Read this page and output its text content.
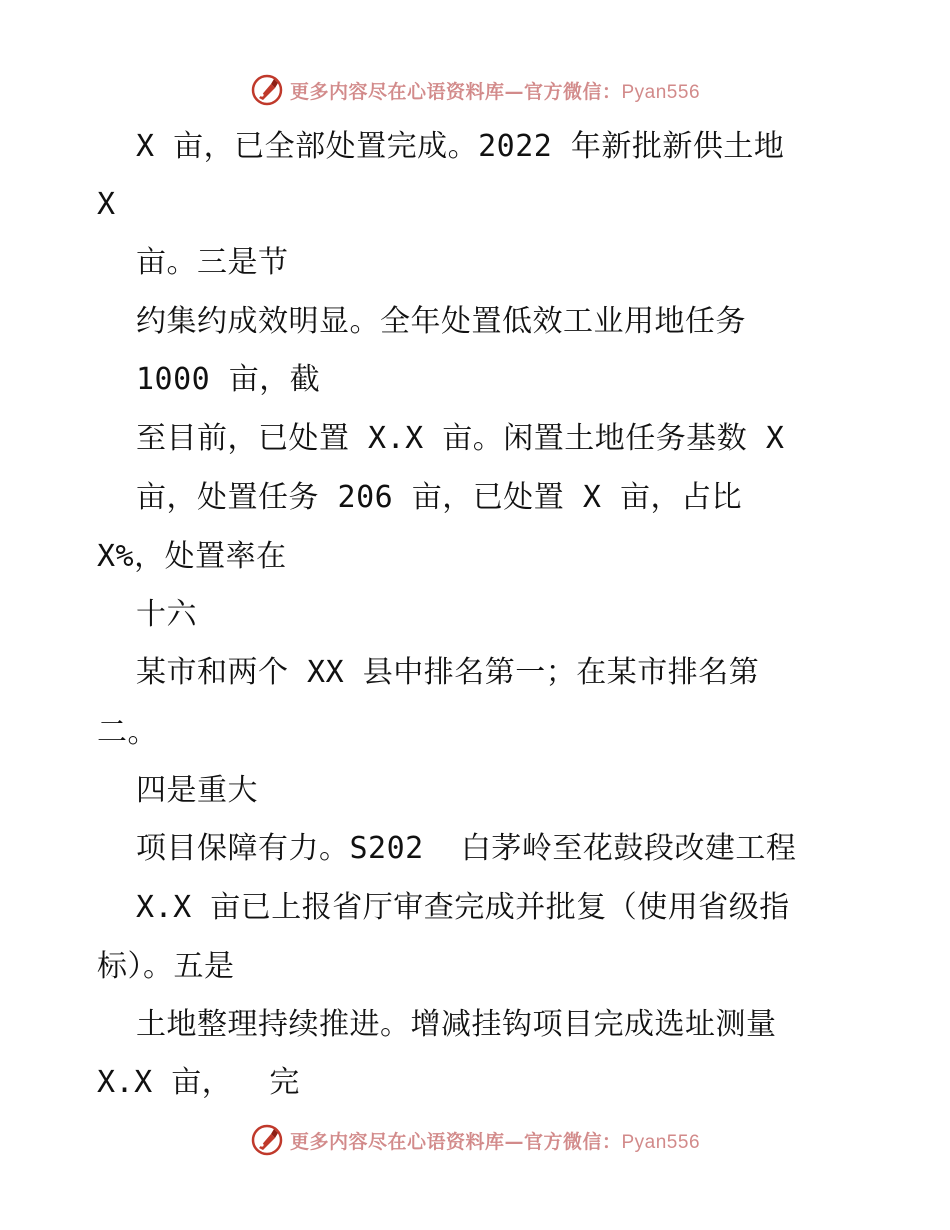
更多内容尽在心语资料库—官方微信：Pyan556
X 亩，已全部处置完成。2022 年新批新供土地
X
亩。三是节
约集约成效明显。全年处置低效工业用地任务
1000 亩，截
至目前，已处置 X.X 亩。闲置土地任务基数 X
亩，处置任务 206 亩，已处置 X 亩，占比
X%，处置率在
十六
某市和两个 XX 县中排名第一；在某市排名第
二。
四是重大
项目保障有力。S202  白茅岭至花鼓段改建工程
X.X 亩已上报省厅审查完成并批复（使用省级指
标）。五是
土地整理持续推进。增减挂钩项目完成选址测量
X.X 亩，  完
更多内容尽在心语资料库—官方微信：Pyan556
